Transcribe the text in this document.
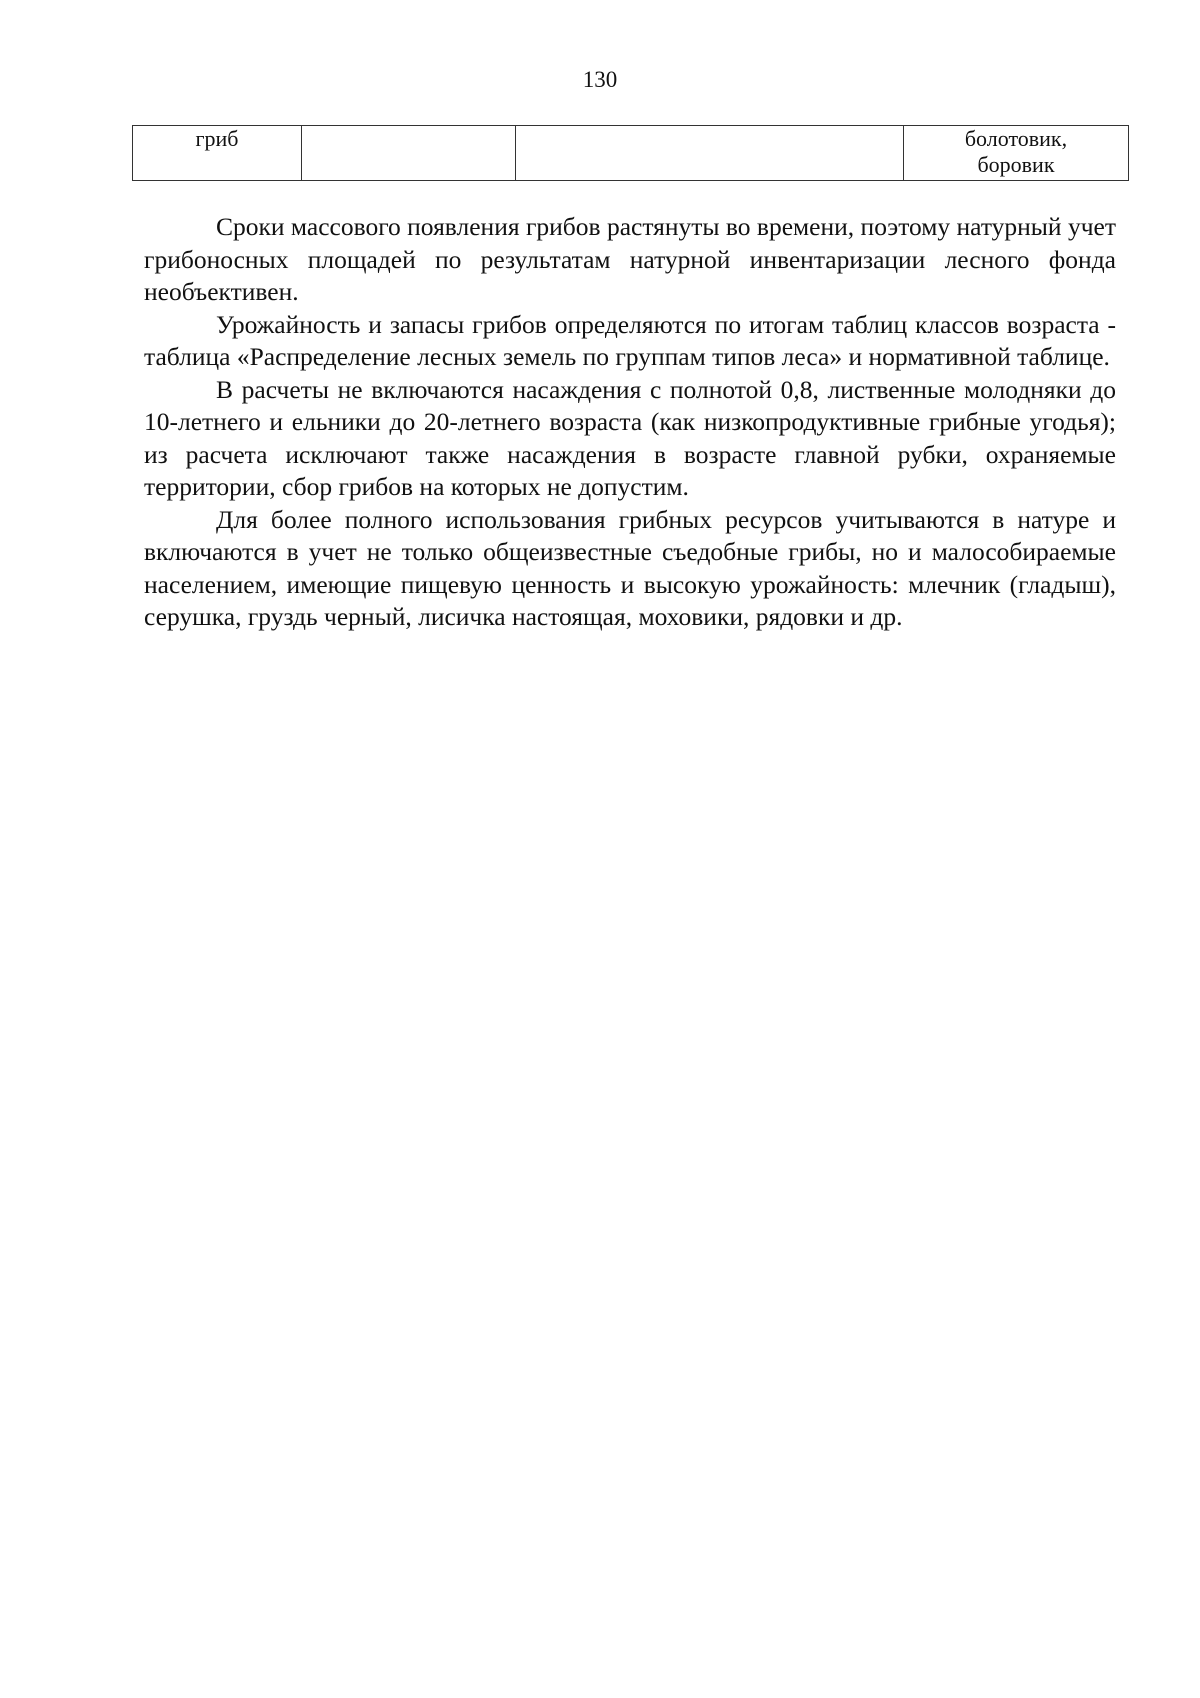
130
гриб			болотовик,
боровик

Сроки массового появления грибов растянуты во времени, поэтому натурный учет грибоносных площадей по результатам натурной инвентаризации лесного фонда необъективен.

Урожайность и запасы грибов определяются по итогам таблиц классов возраста - таблица «Распределение лесных земель по группам типов леса» и нормативной таблице.

В расчеты не включаются насаждения с полнотой 0,8, лиственные молодняки до 10-летнего и ельники до 20-летнего возраста (как низкопродуктивные грибные угодья); из расчета исключают также насаждения в возрасте главной рубки, охраняемые территории, сбор грибов на которых не допустим.

Для более полного использования грибных ресурсов учитываются в натуре и включаются в учет не только общеизвестные съедобные грибы, но и малособираемые населением, имеющие пищевую ценность и высокую урожайность: млечник (гладыш), серушка, груздь черный, лисичка настоящая, моховики, рядовки и др.
